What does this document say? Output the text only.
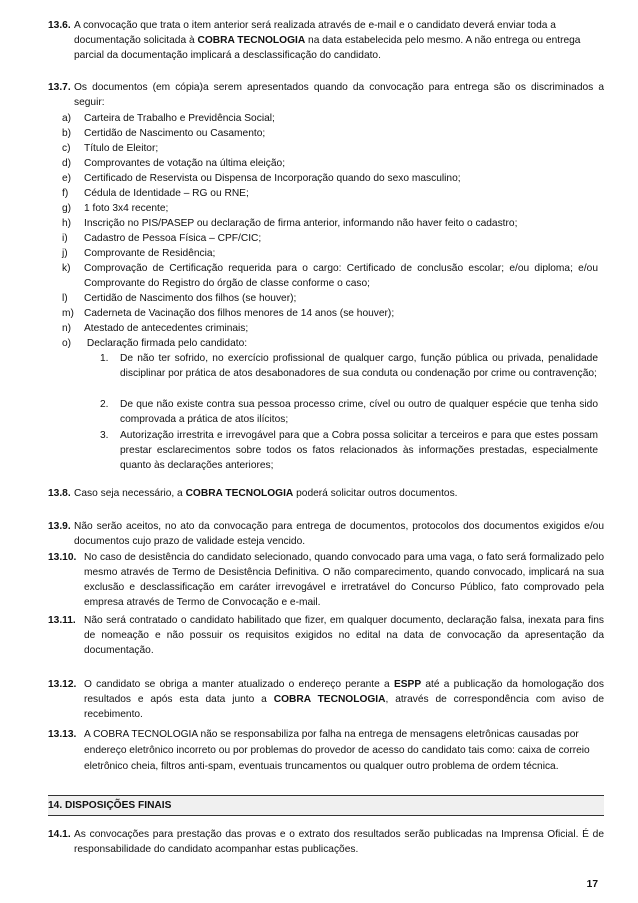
13.6. A convocação que trata o item anterior será realizada através de e-mail e o candidato deverá enviar toda a documentação solicitada à COBRA TECNOLOGIA na data estabelecida pelo mesmo. A não entrega ou entrega parcial da documentação implicará a desclassificação do candidato.
13.7. Os documentos (em cópia)a serem apresentados quando da convocação para entrega são os discriminados a seguir:
a) Carteira de Trabalho e Previdência Social;
b) Certidão de Nascimento ou Casamento;
c) Título de Eleitor;
d) Comprovantes de votação na última eleição;
e) Certificado de Reservista ou Dispensa de Incorporação quando do sexo masculino;
f) Cédula de Identidade – RG ou RNE;
g) 1 foto 3x4 recente;
h) Inscrição no PIS/PASEP ou declaração de firma anterior, informando não haver feito o cadastro;
i) Cadastro de Pessoa Física – CPF/CIC;
j) Comprovante de Residência;
k)	Comprovação de Certificação requerida para o cargo: Certificado de conclusão escolar; e/ou diploma; e/ou Comprovante do Registro do órgão de classe conforme o caso;
l) Certidão de Nascimento dos filhos (se houver);
m) Caderneta de Vacinação dos filhos menores de 14 anos (se houver);
n) Atestado de antecedentes criminais;
o) Declaração firmada pelo candidato:
1. De não ter sofrido, no exercício profissional de qualquer cargo, função pública ou privada, penalidade disciplinar por prática de atos desabonadores de sua conduta ou condenação por crime ou contravenção;
2. De que não existe contra sua pessoa processo crime, cível ou outro de qualquer espécie que tenha sido comprovada a prática de atos ilícitos;
3. Autorização irrestrita e irrevogável para que a Cobra possa solicitar a terceiros e para que estes possam prestar esclarecimentos sobre todos os fatos relacionados às informações prestadas, especialmente quanto às declarações anteriores;
13.8. Caso seja necessário, a COBRA TECNOLOGIA poderá solicitar outros documentos.
13.9. Não serão aceitos, no ato da convocação para entrega de documentos, protocolos dos documentos exigidos e/ou documentos cujo prazo de validade esteja vencido.
13.10. No caso de desistência do candidato selecionado, quando convocado para uma vaga, o fato será formalizado pelo mesmo através de Termo de Desistência Definitiva. O não comparecimento, quando convocado, implicará na sua exclusão e desclassificação em caráter irrevogável e irretratável do Concurso Público, fato comprovado pela empresa através de Termo de Convocação e e-mail.
13.11. Não será contratado o candidato habilitado que fizer, em qualquer documento, declaração falsa, inexata para fins de nomeação e não possuir os requisitos exigidos no edital na data de convocação da apresentação da documentação.
13.12. O candidato se obriga a manter atualizado o endereço perante a ESPP até a publicação da homologação dos resultados e após esta data junto a COBRA TECNOLOGIA, através de correspondência com aviso de recebimento.
13.13. A COBRA TECNOLOGIA não se responsabiliza por falha na entrega de mensagens eletrônicas causadas por endereço eletrônico incorreto ou por problemas do provedor de acesso do candidato tais como: caixa de correio eletrônico cheia, filtros anti-spam, eventuais truncamentos ou qualquer outro problema de ordem técnica.
14. DISPOSIÇÕES FINAIS
14.1. As convocações para prestação das provas e o extrato dos resultados serão publicadas na Imprensa Oficial. É de responsabilidade do candidato acompanhar estas publicações.
17
